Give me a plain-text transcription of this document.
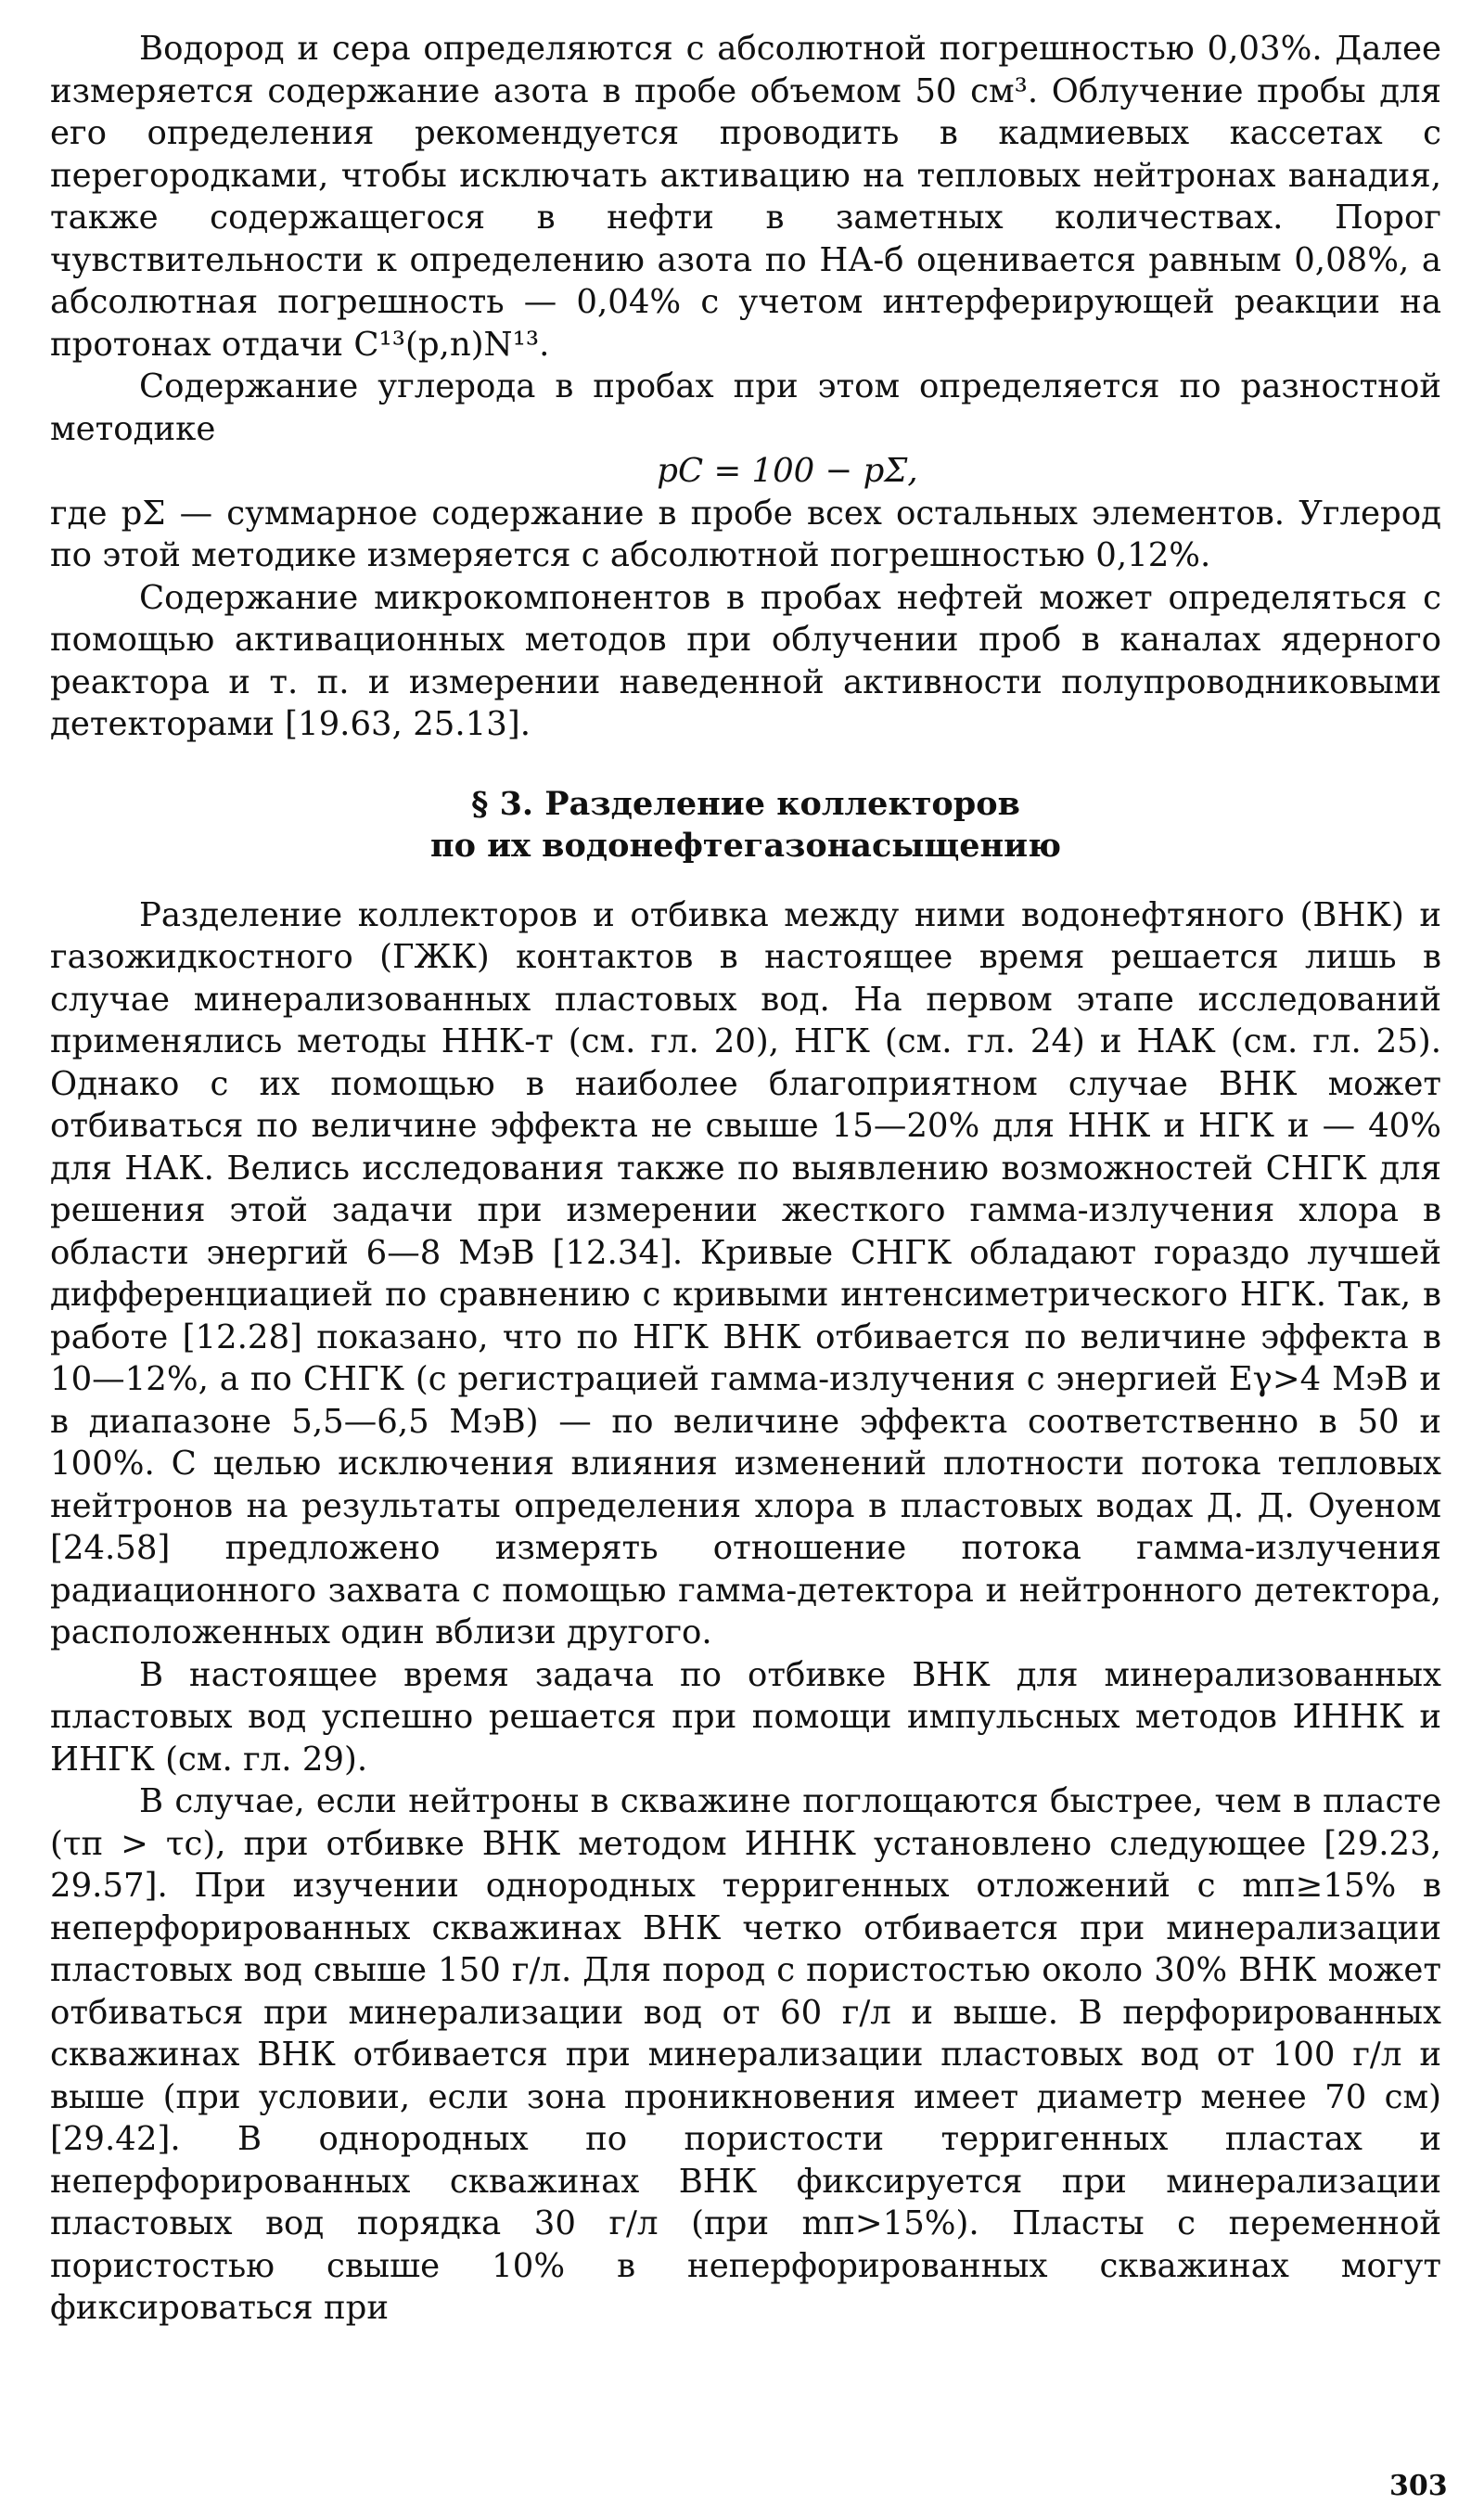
Водород и сера определяются с абсолютной погрешностью 0,03%. Далее измеряется содержание азота в пробе объемом 50 см³. Облучение пробы для его определения рекомендуется проводить в кадмиевых кассетах с перегородками, чтобы исключать активацию на тепловых нейтронах ванадия, также содержащегося в нефти в заметных количествах. Порог чувствительности к определению азота по НА-б оценивается равным 0,08%, а абсолютная погрешность — 0,04% с учетом интерферирующей реакции на протонах отдачи C¹³(p,n)N¹³.

Содержание углерода в пробах при этом определяется по разностной методике

pC = 100 − pΣ,

где pΣ — суммарное содержание в пробе всех остальных элементов. Углерод по этой методике измеряется с абсолютной погрешностью 0,12%.

Содержание микрокомпонентов в пробах нефтей может определяться с помощью активационных методов при облучении проб в каналах ядерного реактора и т. п. и измерении наведенной активности полупроводниковыми детекторами [19.63, 25.13].

§ 3. Разделение коллекторов
по их водонефтегазонасыщению

Разделение коллекторов и отбивка между ними водонефтяного (ВНК) и газожидкостного (ГЖК) контактов в настоящее время решается лишь в случае минерализованных пластовых вод. На первом этапе исследований применялись методы ННК-т (см. гл. 20), НГК (см. гл. 24) и НАК (см. гл. 25). Однако с их помощью в наиболее благоприятном случае ВНК может отбиваться по величине эффекта не свыше 15—20% для ННК и НГК и — 40% для НАК. Велись исследования также по выявлению возможностей СНГК для решения этой задачи при измерении жесткого гамма-излучения хлора в области энергий 6—8 МэВ [12.34]. Кривые СНГК обладают гораздо лучшей дифференциацией по сравнению с кривыми интенсиметрического НГК. Так, в работе [12.28] показано, что по НГК ВНК отбивается по величине эффекта в 10—12%, а по СНГК (с регистрацией гамма-излучения с энергией Eγ>4 МэВ и в диапазоне 5,5—6,5 МэВ) — по величине эффекта соответственно в 50 и 100%. С целью исключения влияния изменений плотности потока тепловых нейтронов на результаты определения хлора в пластовых водах Д. Д. Оуеном [24.58] предложено измерять отношение потока гамма-излучения радиационного захвата с помощью гамма-детектора и нейтронного детектора, расположенных один вблизи другого.

В настоящее время задача по отбивке ВНК для минерализованных пластовых вод успешно решается при помощи импульсных методов ИННК и ИНГК (см. гл. 29).

В случае, если нейтроны в скважине поглощаются быстрее, чем в пласте (τп > τс), при отбивке ВНК методом ИННК установлено следующее [29.23, 29.57]. При изучении однородных терригенных отложений с mп≥15% в неперфорированных скважинах ВНК четко отбивается при минерализации пластовых вод свыше 150 г/л. Для пород с пористостью около 30% ВНК может отбиваться при минерализации вод от 60 г/л и выше. В перфорированных скважинах ВНК отбивается при минерализации пластовых вод от 100 г/л и выше (при условии, если зона проникновения имеет диаметр менее 70 см) [29.42]. В однородных по пористости терригенных пластах и неперфорированных скважинах ВНК фиксируется при минерализации пластовых вод порядка 30 г/л (при mп>15%). Пласты с переменной пористостью свыше 10% в неперфорированных скважинах могут фиксироваться при

303
